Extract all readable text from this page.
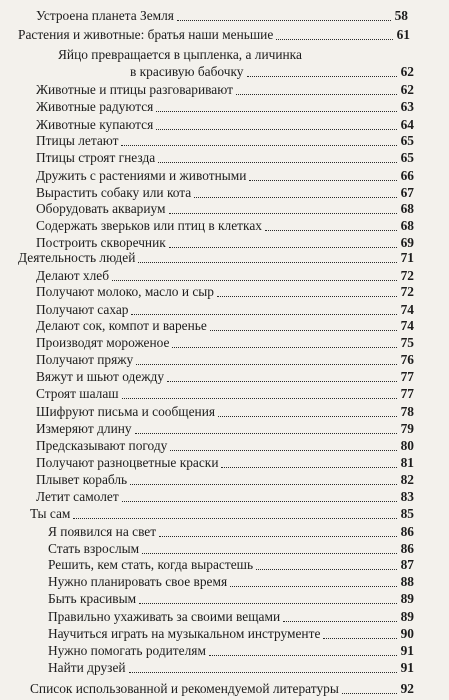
Устроена планета Земля	58
Растения и животные: братья наши меньшие	61
Яйцо превращается в цыпленка, а личинка
в красивую бабочку	62
Животные и птицы разговаривают	62
Животные радуются	63
Животные купаются	64
Птицы летают	65
Птицы строят гнезда	65
Дружить с растениями и животными	66
Вырастить собаку или кота	67
Оборудовать аквариум	68
Содержать зверьков или птиц в клетках	68
Построить скворечник	69
Деятельность людей	71
Делают хлеб	72
Получают молоко, масло и сыр	72
Получают сахар	74
Делают сок, компот и варенье	74
Производят мороженое	75
Получают пряжу	76
Вяжут и шьют одежду	77
Строят шалаш	77
Шифруют письма и сообщения	78
Измеряют длину	79
Предсказывают погоду	80
Получают разноцветные краски	81
Плывет корабль	82
Летит самолет	83
Ты сам	85
Я появился на свет	86
Стать взрослым	86
Решить, кем стать, когда вырастешь	87
Нужно планировать свое время	88
Быть красивым	89
Правильно ухаживать за своими вещами	89
Научиться играть на музыкальном инструменте	90
Нужно помогать родителям	91
Найти друзей	91
Список использованной и рекомендуемой литературы	92
